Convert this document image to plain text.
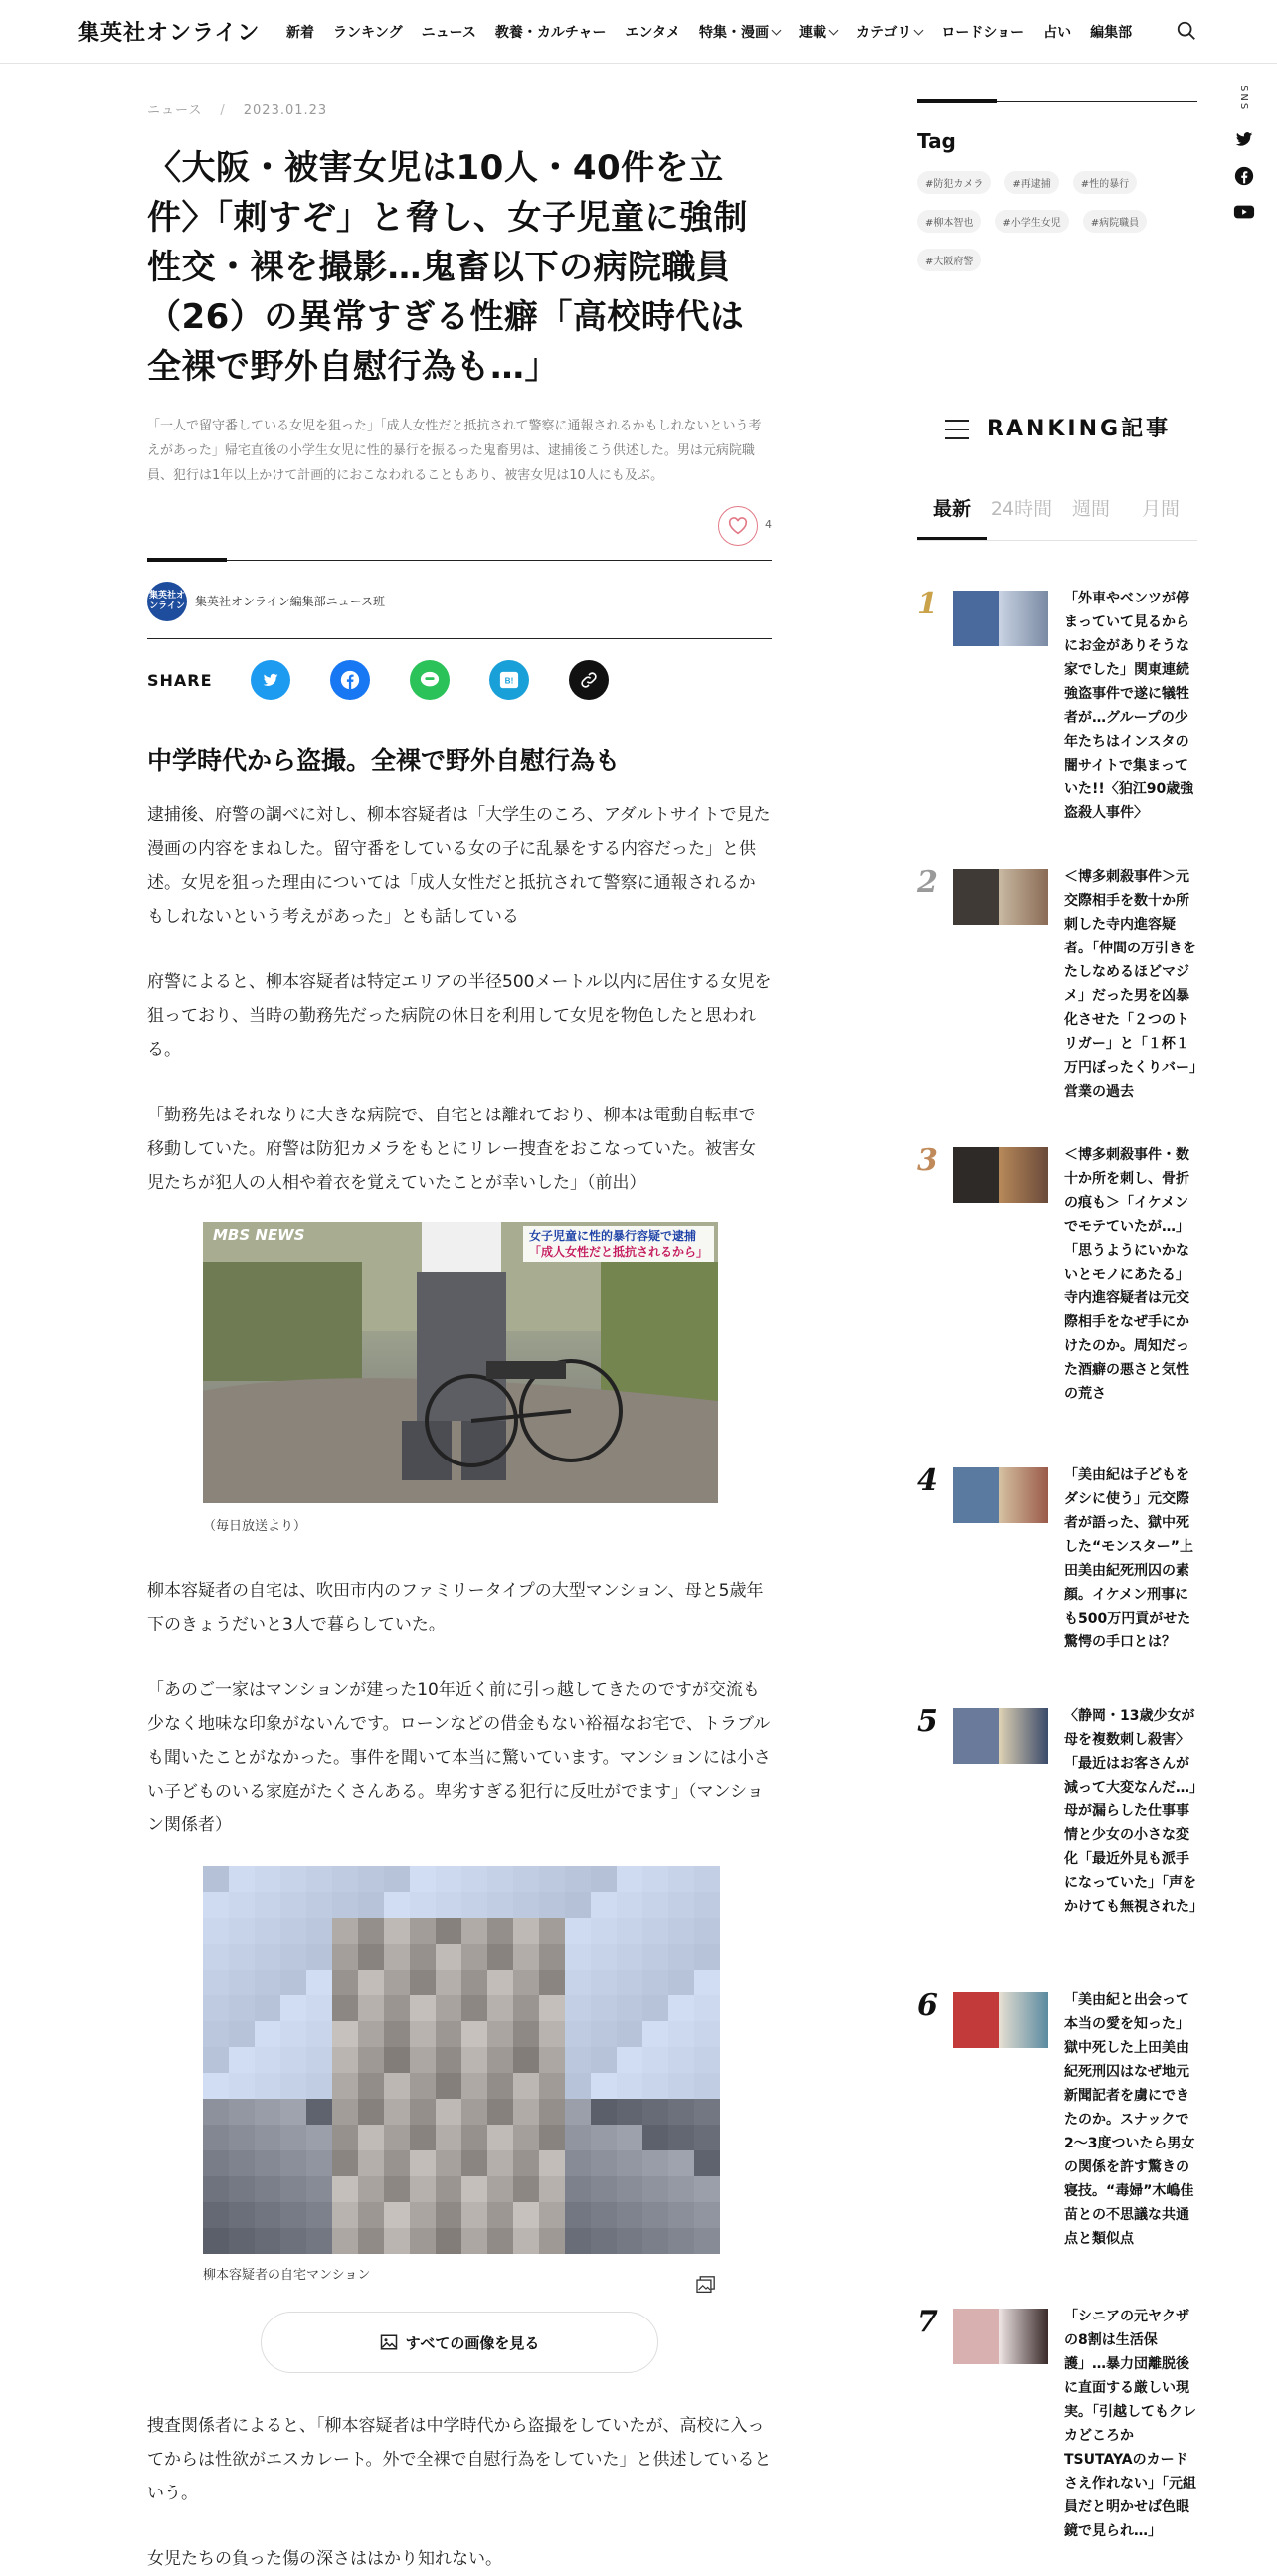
集英社オンライン 新着 ランキング ニュース 教養・カルチャー エンタメ 特集・漫画 連載 カテゴリ ロードショー 占い 編集部
SNS

ニュース / 2023.01.23
〈大阪・被害女児は10人・40件を立件〉「刺すぞ」と脅し、女子児童に強制性交・裸を撮影…鬼畜以下の病院職員（26）の異常すぎる性癖「高校時代は全裸で野外自慰行為も…」

「一人で留守番している女児を狙った」「成人女性だと抵抗されて警察に通報されるかもしれないという考えがあった」帰宅直後の小学生女児に性的暴行を振るった鬼畜男は、逮捕後こう供述した。男は元病院職員、犯行は1年以上かけて計画的におこなわれることもあり、被害女児は10人にも及ぶ。

4
集英社オンライン 集英社オンライン編集部ニュース班
SHARE	B!
中学時代から盗撮。全裸で野外自慰行為も

逮捕後、府警の調べに対し、柳本容疑者は「大学生のころ、アダルトサイトで見た漫画の内容をまねした。留守番をしている女の子に乱暴をする内容だった」と供述。女児を狙った理由については「成人女性だと抵抗されて警察に通報されるかもしれないという考えがあった」とも話している

府警によると、柳本容疑者は特定エリアの半径500メートル以内に居住する女児を狙っており、当時の勤務先だった病院の休日を利用して女児を物色したと思われる。

「勤務先はそれなりに大きな病院で、自宅とは離れており、柳本は電動自転車で移動していた。府警は防犯カメラをもとにリレー捜査をおこなっていた。被害女児たちが犯人の人相や着衣を覚えていたことが幸いした」（前出）

MBS NEWS	女子児童に性的暴行容疑で逮捕
「成人女性だと抵抗されるから」
（毎日放送より）

柳本容疑者の自宅は、吹田市内のファミリータイプの大型マンション、母と5歳年下のきょうだいと3人で暮らしていた。

「あのご一家はマンションが建った10年近く前に引っ越してきたのですが交流も少なく地味な印象がないんです。ローンなどの借金もない裕福なお宅で、トラブルも聞いたことがなかった。事件を聞いて本当に驚いています。マンションには小さい子どものいる家庭がたくさんある。卑劣すぎる犯行に反吐がでます」（マンション関係者）

柳本容疑者の自宅マンション
すべての画像を見る

捜査関係者によると、「柳本容疑者は中学時代から盗撮をしていたが、高校に入ってからは性欲がエスカレート。外で全裸で自慰行為をしていた」と供述しているという。

女児たちの負った傷の深さははかり知れない。

Tag
#防犯カメラ	#再逮捕	#性的暴行#柳本智也	#小学生女児	#病院職員#大阪府警
RANKING記事
最新	24時間	週間	月間
1	「外車やベンツが停まっていて見るからにお金がありそうな家でした」関東連続強盗事件で遂に犠牲者が…グループの少年たちはインスタの闇サイトで集まっていた!!〈狛江90歳強盗殺人事件〉
2	＜博多刺殺事件＞元交際相手を数十か所刺した寺内進容疑者。「仲間の万引きをたしなめるほどマジメ」だった男を凶暴化させた「２つのトリガー」と「１杯１万円ぼったくりバー」営業の過去
3	＜博多刺殺事件・数十か所を刺し、骨折の痕も＞「イケメンでモテていたが…」「思うようにいかないとモノにあたる」寺内進容疑者は元交際相手をなぜ手にかけたのか。周知だった酒癖の悪さと気性の荒さ
4	「美由紀は子どもをダシに使う」元交際者が語った、獄中死した“モンスター”上田美由紀死刑囚の素顔。イケメン刑事にも500万円貢がせた驚愕の手口とは？
5	〈静岡・13歳少女が母を複数刺し殺害〉「最近はお客さんが減って大変なんだ…」母が漏らした仕事事情と少女の小さな変化「最近外見も派手になっていた」「声をかけても無視された」
6	「美由紀と出会って本当の愛を知った」獄中死した上田美由紀死刑囚はなぜ地元新聞記者を虜にできたのか。スナックで2～3度ついたら男女の関係を許す驚きの寝技。“毒婦”木嶋佳苗との不思議な共通点と類似点
7	「シニアの元ヤクザの8割は生活保護」…暴力団離脱後に直面する厳しい現実。「引越してもクレカどころかTSUTAYAのカードさえ作れない」「元組員だと明かせば色眼鏡で見られ…」
